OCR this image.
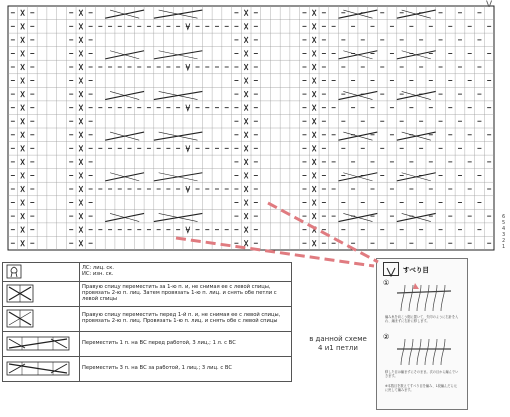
6
5
4
3
2
1
V
	ЛС: лиц. ск.
ИС: изн. ск.

	Правую спицу переместить за 1-ю п. и, не снимая ее с левой спицы, провязать 2-ю п. лиц. Затем провязать 1-ю п. лиц. и снять обе петли с левой спицы

	Правую спицу переместить перед 1-й п. и, не снимая ее с левой спицы, провязать 2-ю п. лиц. Провязать 1-ю п. лиц. и снять обе с левой спицы

	Переместить 1 п. на ВС перед работой, 3 лиц.; 1 л. с ВС

	Переместить 3 п. на ВС за работой, 1 лиц.; 3 лиц. с ВС
в данной схеме
4 и1 петли
すべり目
①
編み糸を向こう側に置いて、矢印のように右針を入れ、編まずに右針に移します。
②
移した目は編まずにそのまま。次の目から編んでいきます。
※本数目を数えてすべり目を編み、1段編んだら元に戻して編みます。
